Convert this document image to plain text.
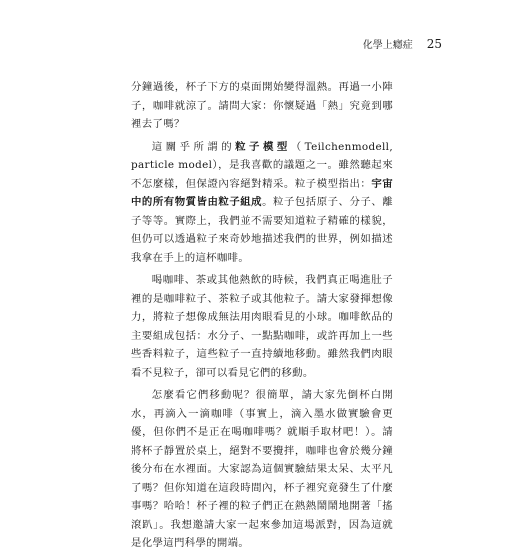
化學上癮症 25

分鐘過後，杯子下方的桌面開始變得溫熱。再過一小陣子，咖啡就涼了。請問大家：你懷疑過「熱」究竟到哪裡去了嗎？

這關乎所謂的粒子模型（Teilchenmodell, particle model），是我喜歡的議題之一。雖然聽起來不怎麼樣，但保證內容絕對精采。粒子模型指出：宇宙中的所有物質皆由粒子組成。粒子包括原子、分子、離子等等。實際上，我們並不需要知道粒子精確的樣貌，但仍可以透過粒子來奇妙地描述我們的世界，例如描述我拿在手上的這杯咖啡。

喝咖啡、茶或其他熱飲的時候，我們真正喝進肚子裡的是咖啡粒子、茶粒子或其他粒子。請大家發揮想像力，將粒子想像成無法用肉眼看見的小球。咖啡飲品的主要組成包括：水分子、一點點咖啡，或許再加上一些些香料粒子，這些粒子一直持續地移動。雖然我們肉眼看不見粒子，卻可以看見它們的移動。

怎麼看它們移動呢？很簡單，請大家先倒杯白開水，再滴入一滴咖啡（事實上，滴入墨水做實驗會更優，但你們不是正在喝咖啡嗎？就順手取材吧！）。請將杯子靜置於桌上，絕對不要攪拌，咖啡也會於幾分鐘後分布在水裡面。大家認為這個實驗結果太呆、太平凡了嗎？但你知道在這段時間內，杯子裡究竟發生了什麼事嗎？哈哈！杯子裡的粒子們正在熱熱鬧鬧地開著「搖滾趴」。我想邀請大家一起來參加這場派對，因為這就是化學這門科學的開端。
